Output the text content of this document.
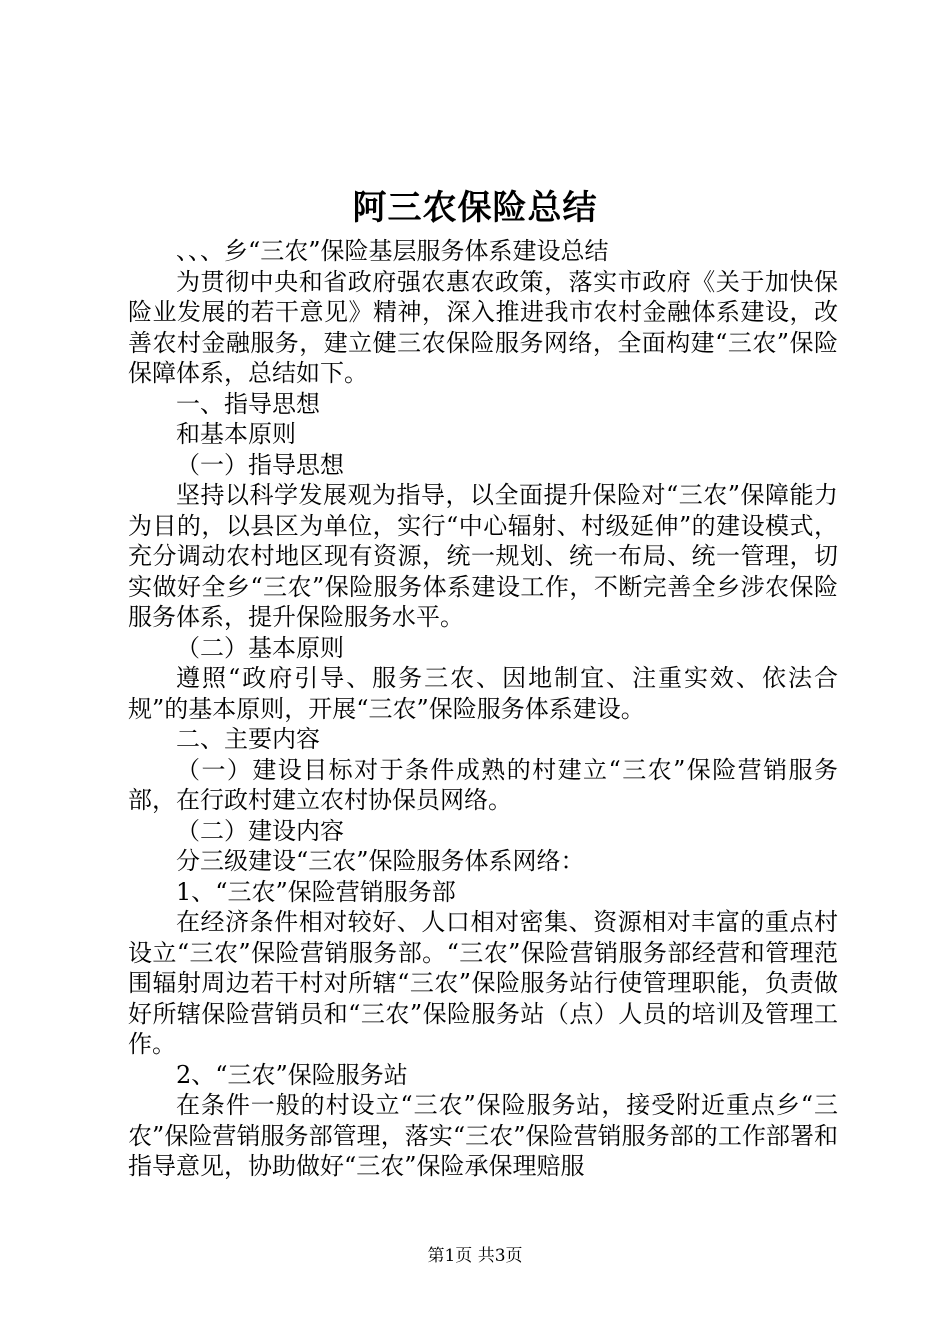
阿三农保险总结

、、、乡“三农”保险基层服务体系建设总结

为贯彻中央和省政府强农惠农政策，落实市政府《关于加快保险业发展的若干意见》精神，深入推进我市农村金融体系建设，改善农村金融服务，建立健三农保险服务网络，全面构建“三农”保险保障体系，总结如下。

一、指导思想

和基本原则

（一）指导思想

坚持以科学发展观为指导，以全面提升保险对“三农”保障能力为目的，以县区为单位，实行“中心辐射、村级延伸”的建设模式，充分调动农村地区现有资源，统一规划、统一布局、统一管理，切实做好全乡“三农”保险服务体系建设工作，不断完善全乡涉农保险服务体系，提升保险服务水平。

（二）基本原则

遵照“政府引导、服务三农、因地制宜、注重实效、依法合规”的基本原则，开展“三农”保险服务体系建设。

二、主要内容

（一）建设目标对于条件成熟的村建立“三农”保险营销服务部，在行政村建立农村协保员网络。

（二）建设内容

分三级建设“三农”保险服务体系网络：

1、“三农”保险营销服务部

在经济条件相对较好、人口相对密集、资源相对丰富的重点村设立“三农”保险营销服务部。“三农”保险营销服务部经营和管理范围辐射周边若干村对所辖“三农”保险服务站行使管理职能，负责做好所辖保险营销员和“三农”保险服务站（点）人员的培训及管理工作。

2、“三农”保险服务站

在条件一般的村设立“三农”保险服务站，接受附近重点乡“三农”保险营销服务部管理，落实“三农”保险营销服务部的工作部署和指导意见，协助做好“三农”保险承保理赔服

第1页 共3页
